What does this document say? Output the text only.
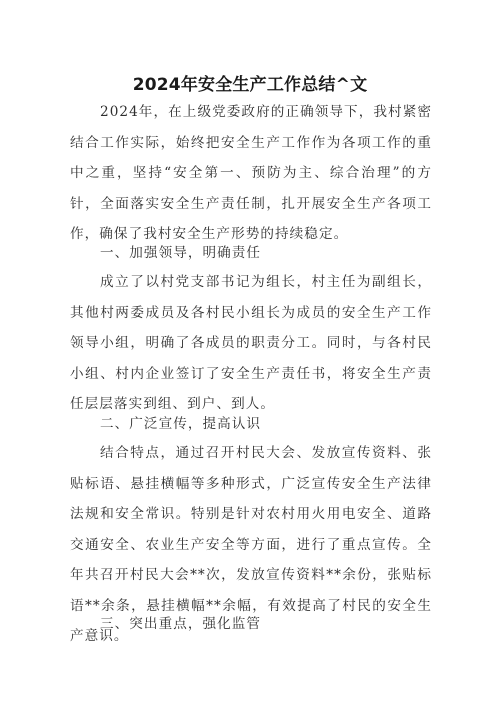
2024年安全生产工作总结^文

2024年，在上级党委政府的正确领导下，我村紧密结合工作实际，始终把安全生产工作作为各项工作的重中之重，坚持“安全第一、预防为主、综合治理”的方针，全面落实安全生产责任制，扎开展安全生产各项工作，确保了我村安全生产形势的持续稳定。

一、加强领导，明确责任

成立了以村党支部书记为组长，村主任为副组长，其他村两委成员及各村民小组长为成员的安全生产工作领导小组，明确了各成员的职责分工。同时，与各村民小组、村内企业签订了安全生产责任书，将安全生产责任层层落实到组、到户、到人。

二、广泛宣传，提高认识

结合特点，通过召开村民大会、发放宣传资料、张贴标语、悬挂横幅等多种形式，广泛宣传安全生产法律法规和安全常识。特别是针对农村用火用电安全、道路交通安全、农业生产安全等方面，进行了重点宣传。全年共召开村民大会**次，发放宣传资料**余份，张贴标语**余条，悬挂横幅**余幅，有效提高了村民的安全生产意识。

三、突出重点，强化监管
